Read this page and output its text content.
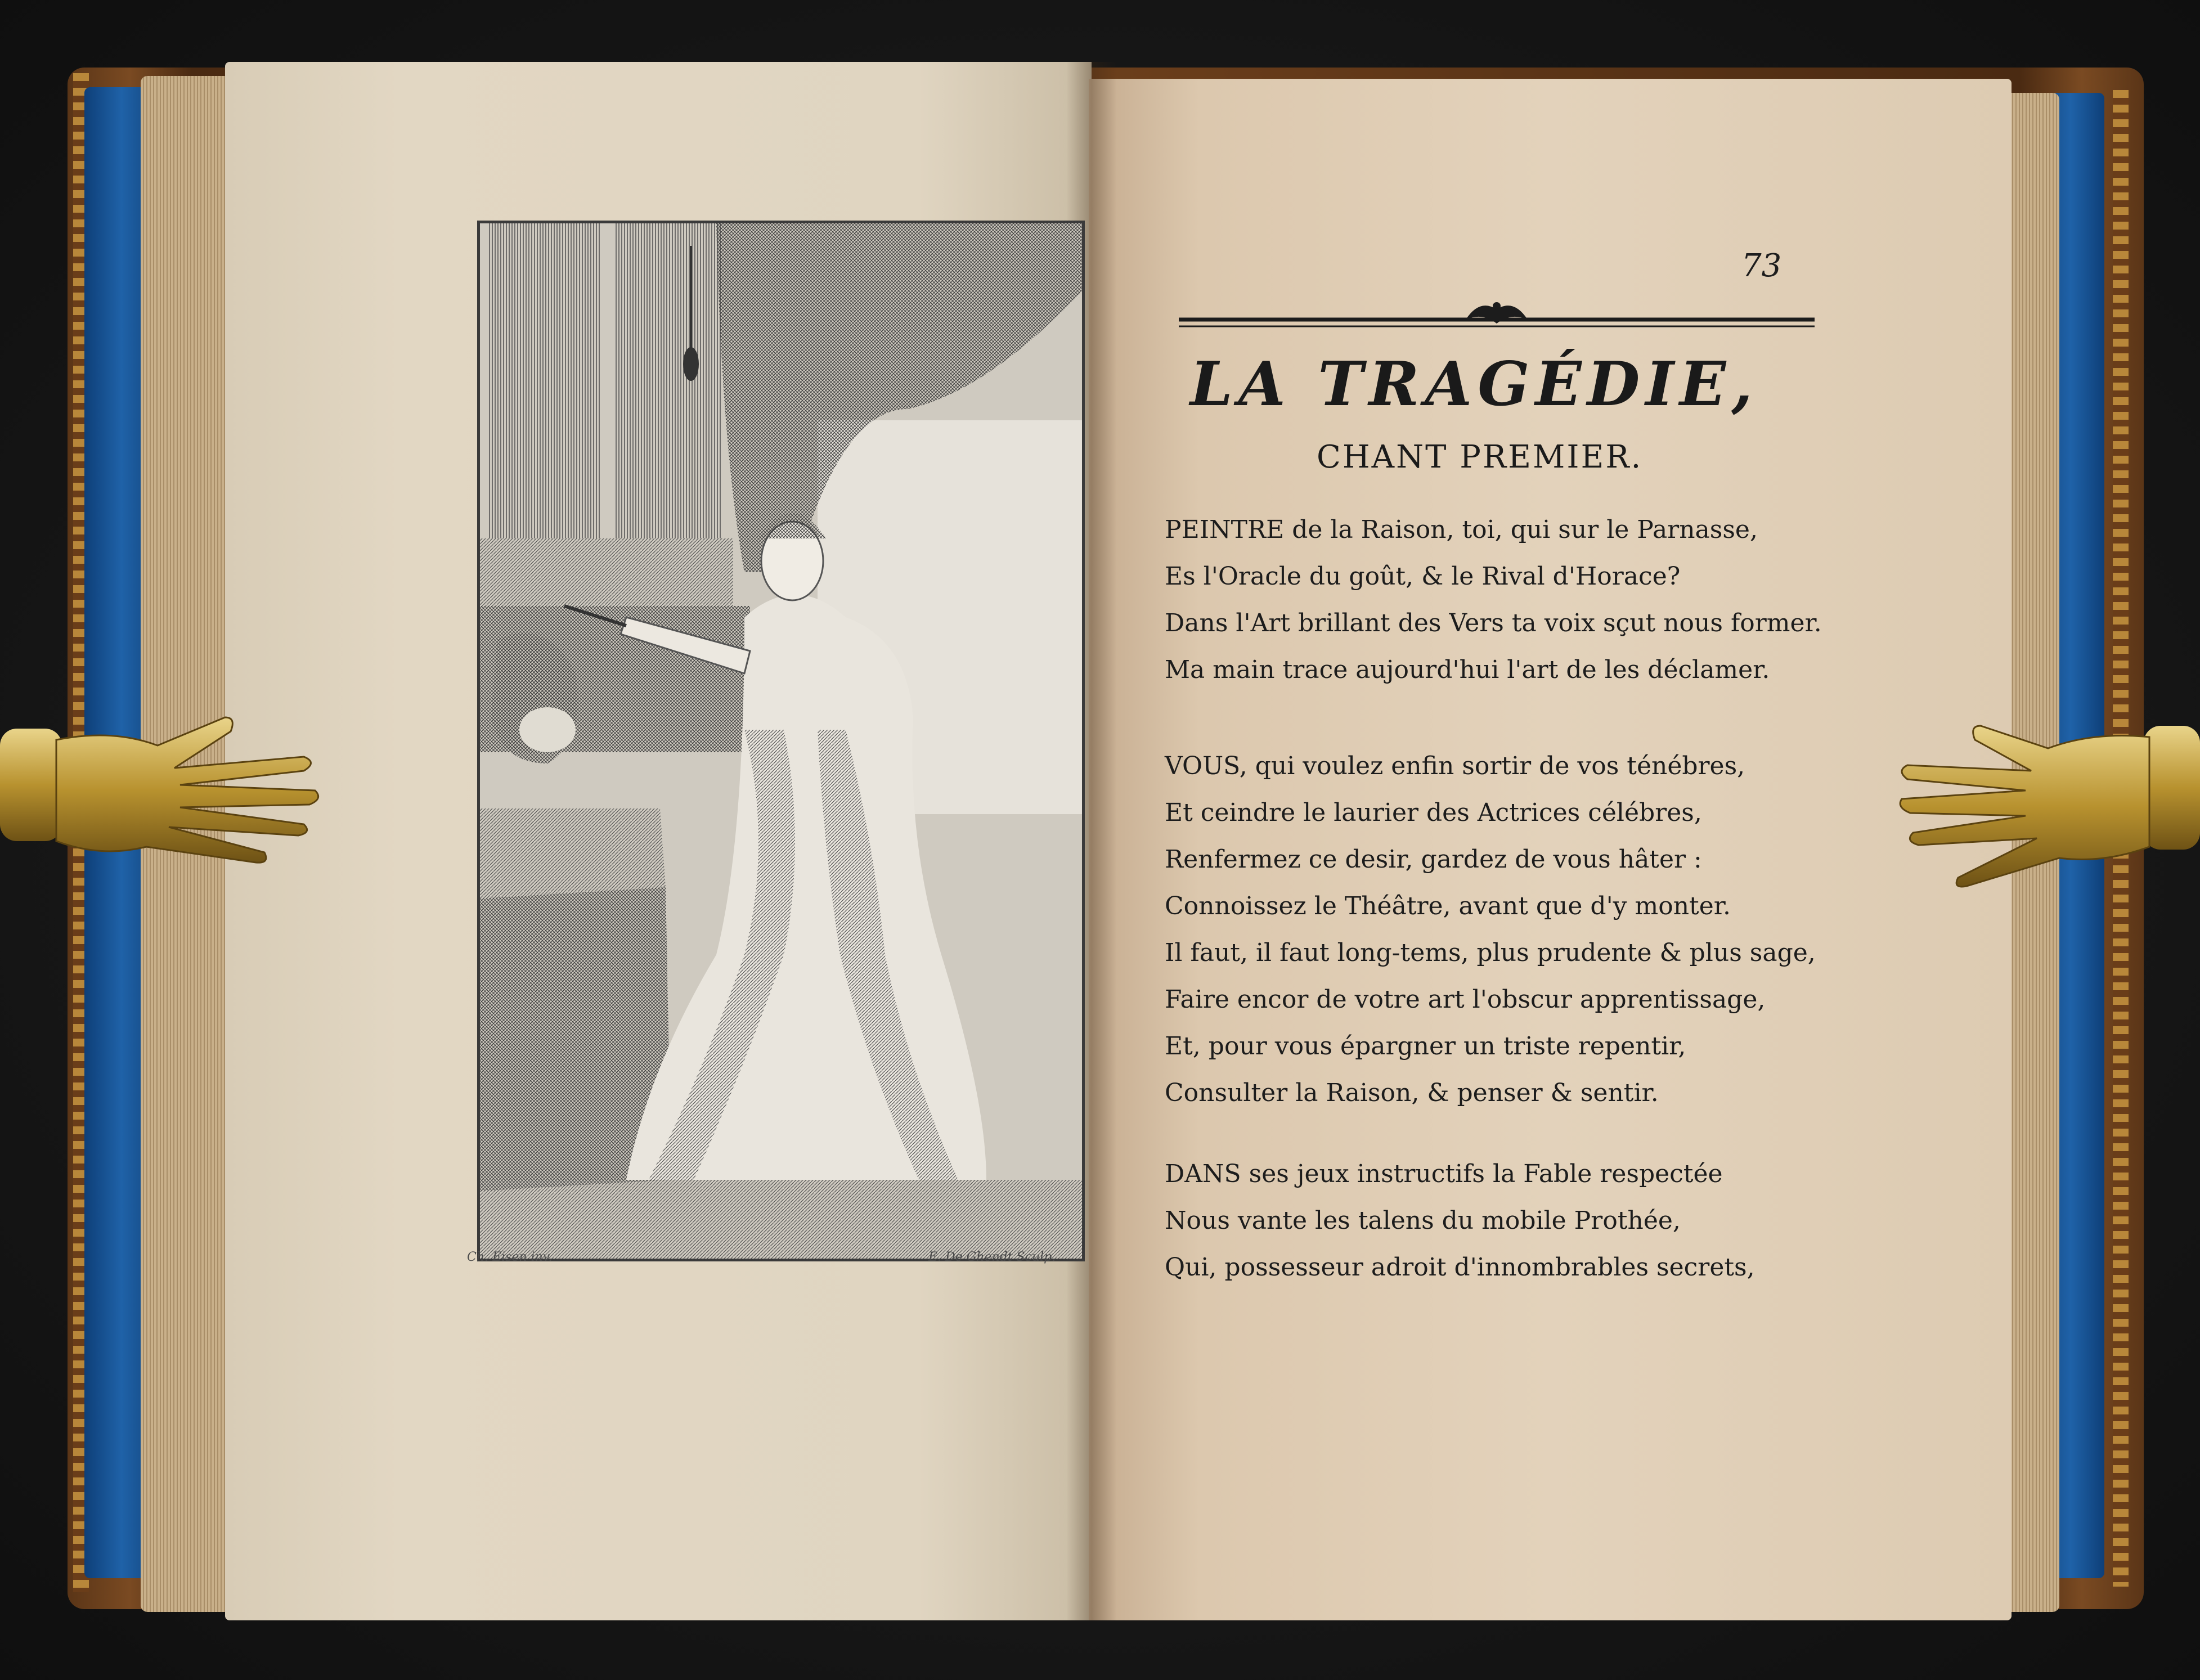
Ch. Eisen inv.	E. De Ghendt Sculp.
73
LA TRAGÉDIE,
CHANT PREMIER.
PEINTRE de la Raison, toi, qui sur le Parnasse,
Es l'Oracle du goût, & le Rival d'Horace?
Dans l'Art brillant des Vers ta voix sçut nous former.
Ma main trace aujourd'hui l'art de les déclamer.
VOUS, qui voulez enfin sortir de vos ténébres,
Et ceindre le laurier des Actrices célébres,
Renfermez ce desir, gardez de vous hâter :
Connoissez le Théâtre, avant que d'y monter.
Il faut, il faut long-tems, plus prudente & plus sage,
Faire encor de votre art l'obscur apprentissage,
Et, pour vous épargner un triste repentir,
Consulter la Raison, & penser & sentir.
DANS ses jeux instructifs la Fable respectée
Nous vante les talens du mobile Prothée,
Qui, possesseur adroit d'innombrables secrets,
